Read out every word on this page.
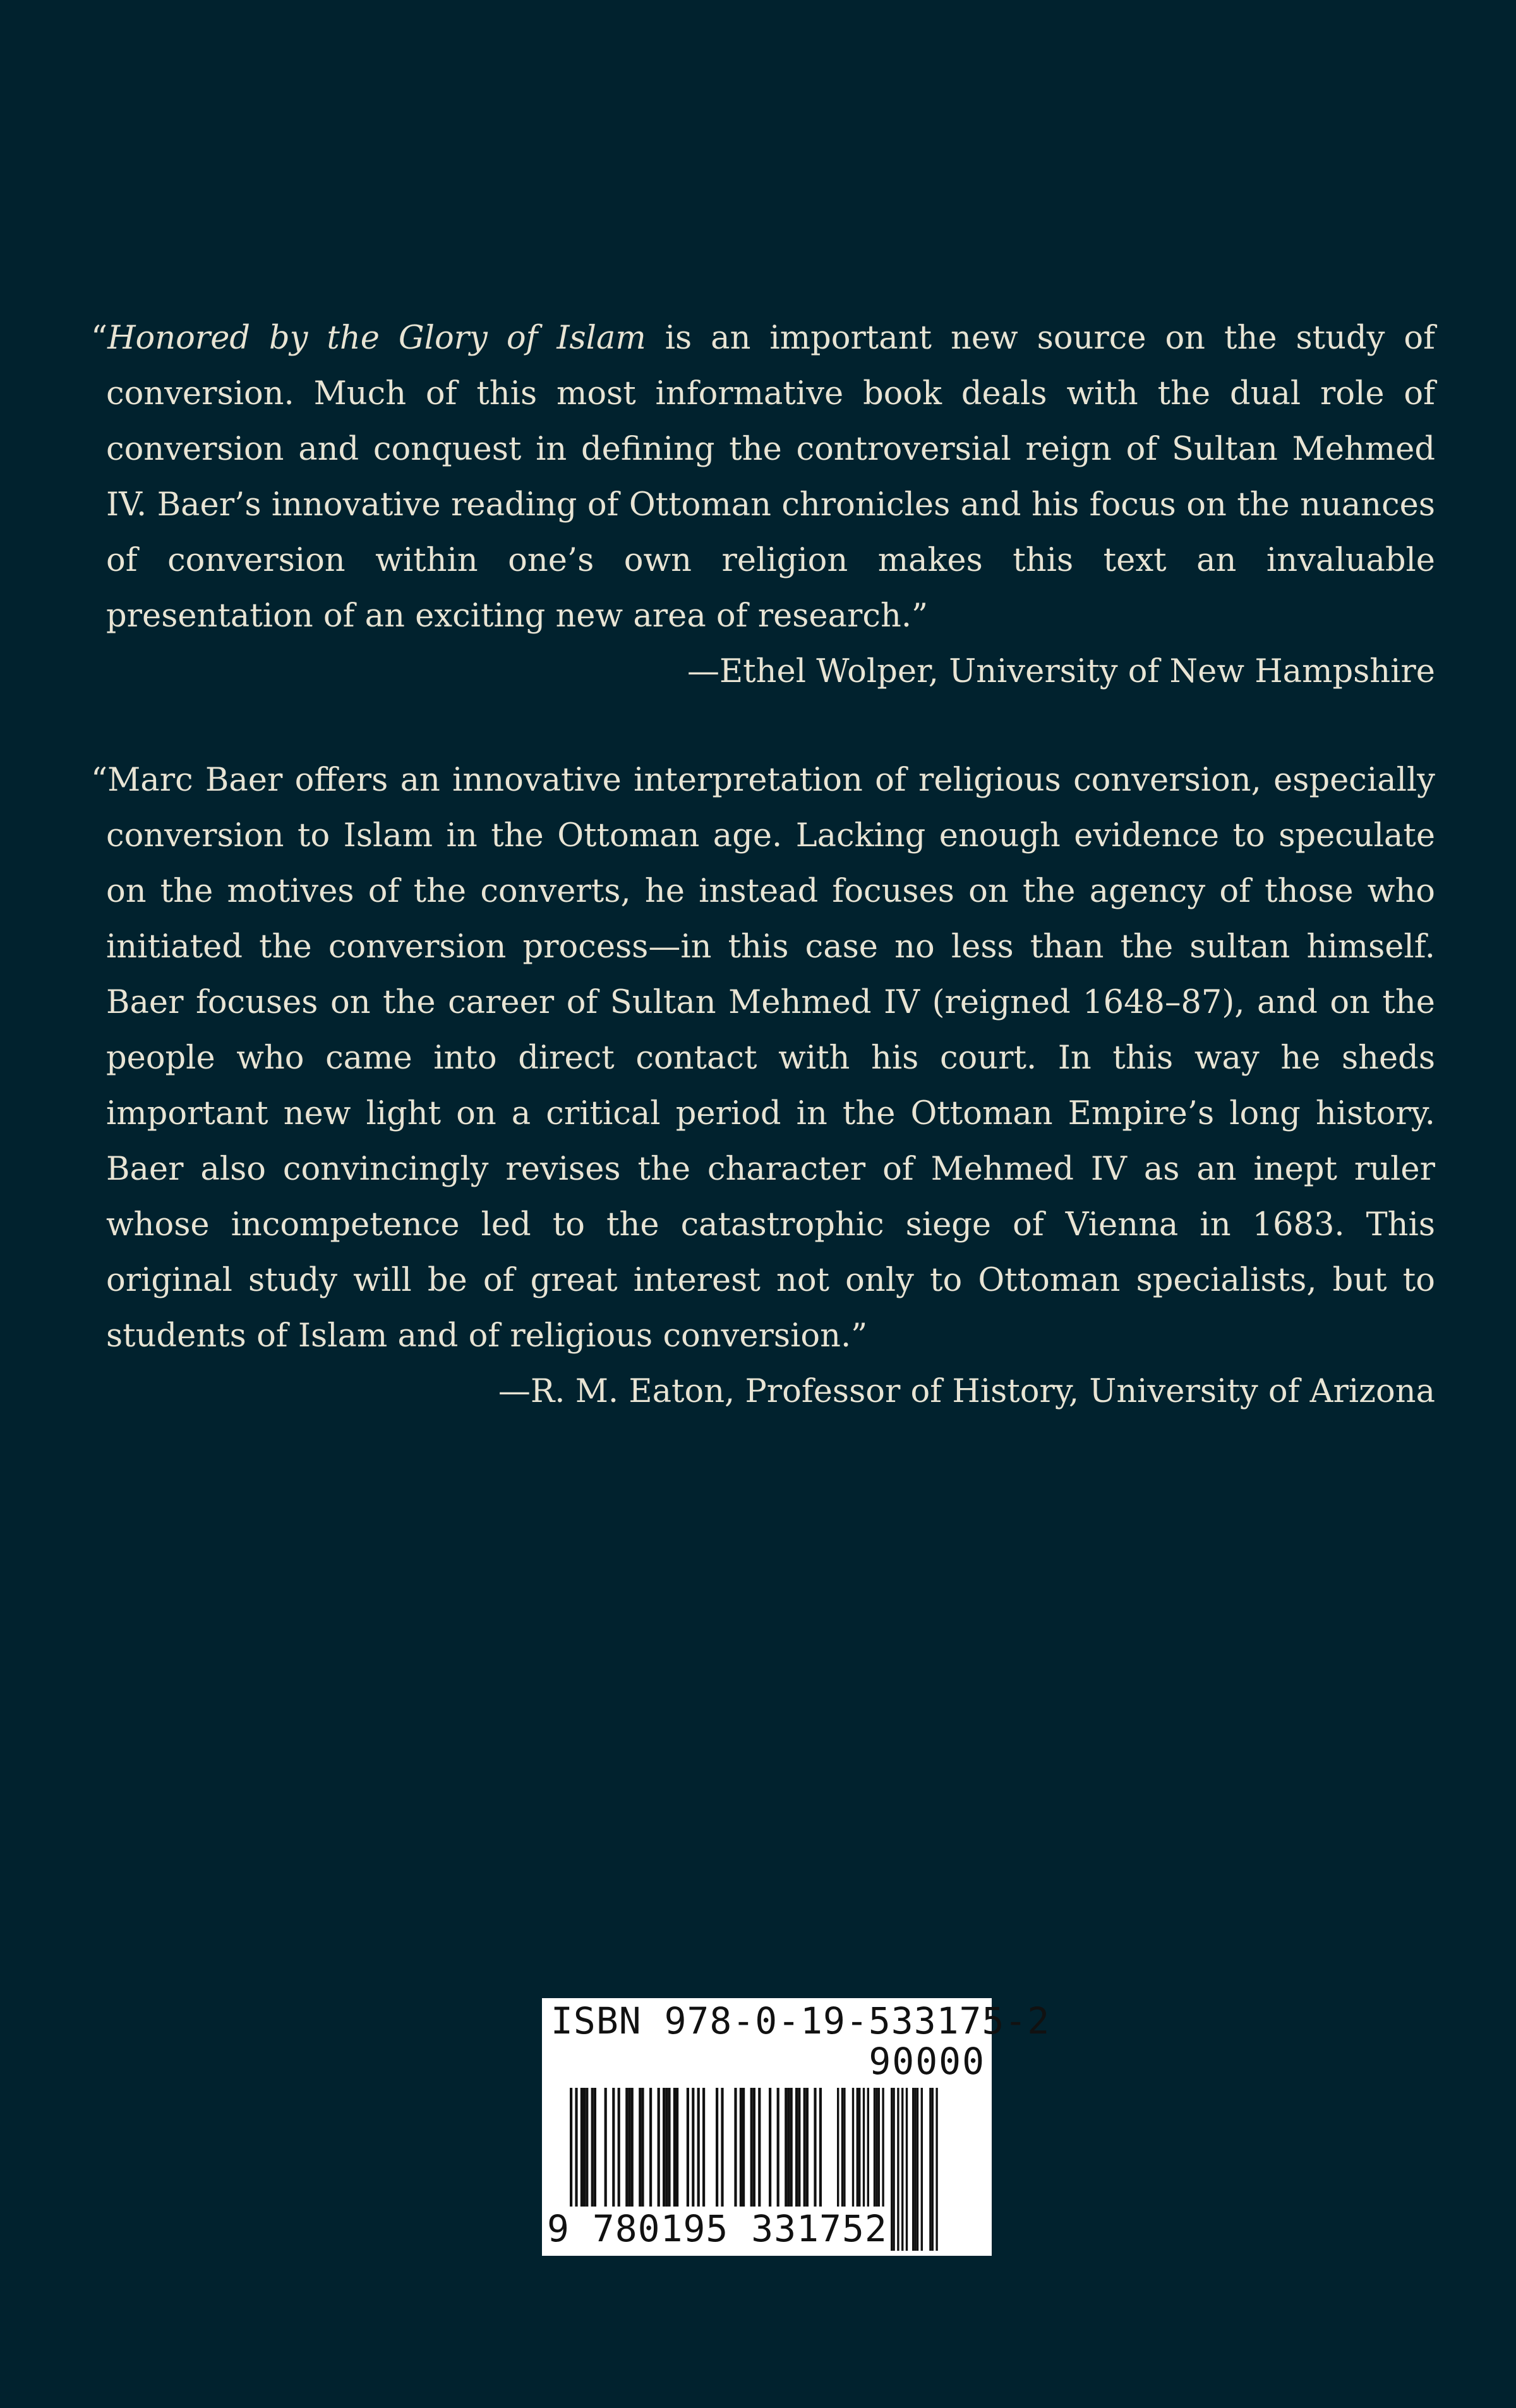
“Honored by the Glory of Islam is an important new source on the study of conversion. Much of this most informative book deals with the dual role of conversion and conquest in defining the controversial reign of Sultan Mehmed IV. Baer’s innovative reading of Ottoman chronicles and his focus on the nuances of conversion within one’s own religion makes this text an invaluable presentation of an exciting new area of research.”
—Ethel Wolper, University of New Hampshire
“Marc Baer offers an innovative interpretation of religious conversion, especially conversion to Islam in the Ottoman age. Lacking enough evidence to speculate on the motives of the converts, he instead focuses on the agency of those who initiated the conversion process—in this case no less than the sultan himself. Baer focuses on the career of Sultan Mehmed IV (reigned 1648–87), and on the people who came into direct contact with his court. In this way he sheds important new light on a critical period in the Ottoman Empire’s long history. Baer also convincingly revises the character of Mehmed IV as an inept ruler whose incompetence led to the catastrophic siege of Vienna in 1683. This original study will be of great interest not only to Ottoman specialists, but to students of Islam and of religious conversion.”
—R. M. Eaton, Professor of History, University of Arizona
ISBN 978-0-19-533175-2
90000
9 780195 331752
